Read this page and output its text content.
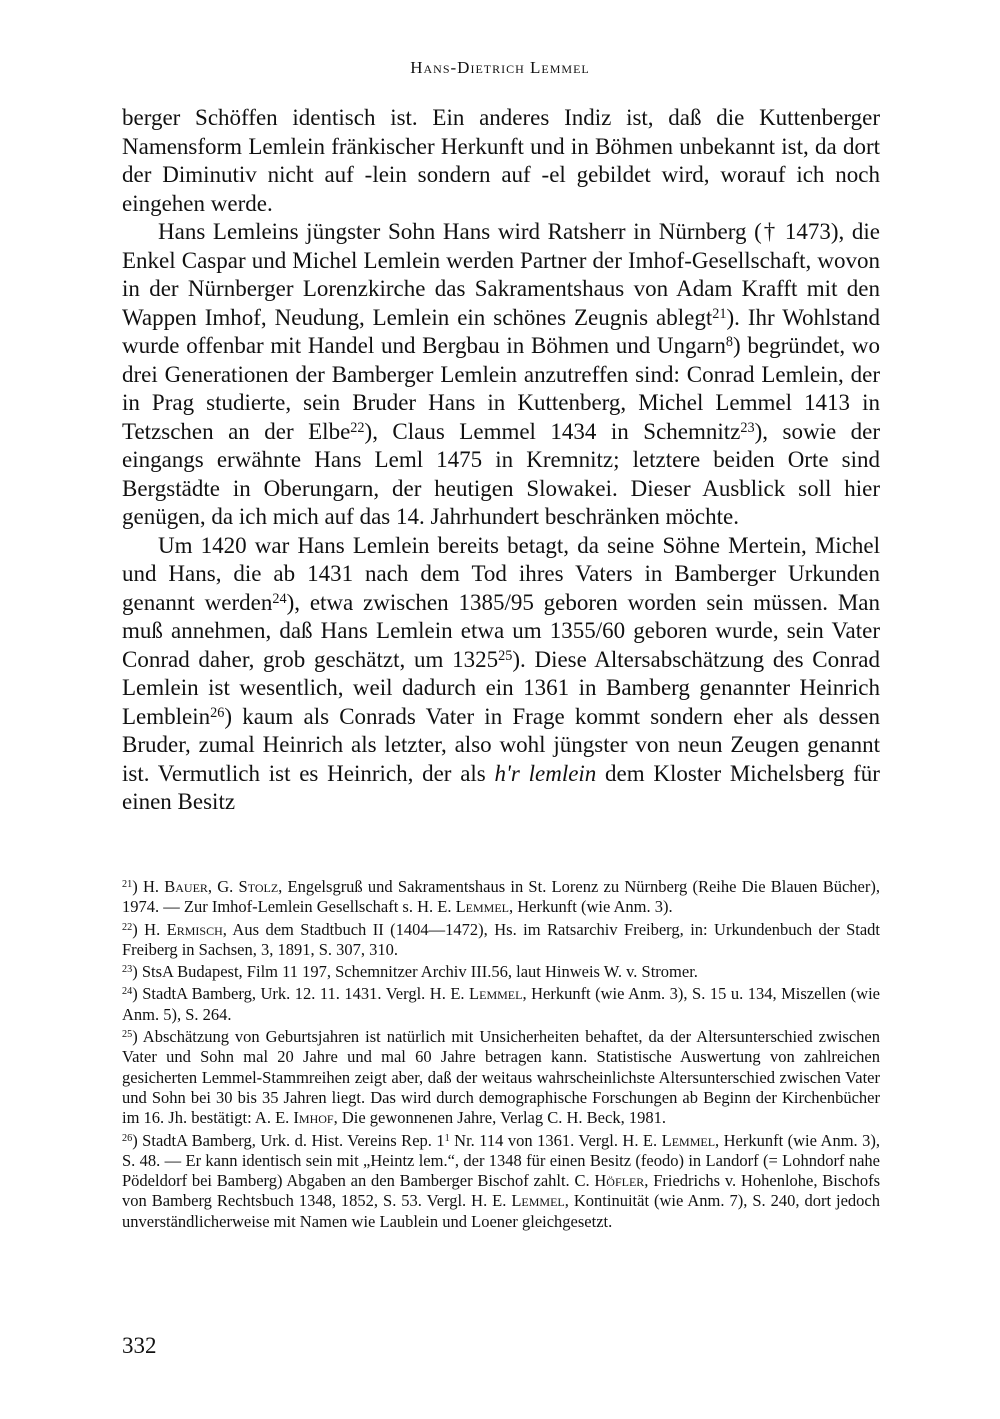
Hans-Dietrich Lemmel

berger Schöffen identisch ist. Ein anderes Indiz ist, daß die Kuttenberger Namensform Lemlein fränkischer Herkunft und in Böhmen unbekannt ist, da dort der Diminutiv nicht auf -lein sondern auf -el gebildet wird, worauf ich noch eingehen werde.

Hans Lemleins jüngster Sohn Hans wird Ratsherr in Nürnberg († 1473), die Enkel Caspar und Michel Lemlein werden Partner der Imhof-Gesellschaft, wovon in der Nürnberger Lorenzkirche das Sakramentshaus von Adam Krafft mit den Wappen Imhof, Neudung, Lemlein ein schönes Zeugnis ablegt$^{21}$). Ihr Wohlstand wurde offenbar mit Handel und Bergbau in Böhmen und Ungarn$^8$) begründet, wo drei Generationen der Bamberger Lemlein anzutreffen sind: Conrad Lemlein, der in Prag studierte, sein Bruder Hans in Kuttenberg, Michel Lemmel 1413 in Tetzschen an der Elbe$^{22}$), Claus Lemmel 1434 in Schemnitz$^{23}$), sowie der eingangs erwähnte Hans Leml 1475 in Kremnitz; letztere beiden Orte sind Bergstädte in Oberungarn, der heutigen Slowakei. Dieser Ausblick soll hier genügen, da ich mich auf das 14. Jahrhundert beschränken möchte.

Um 1420 war Hans Lemlein bereits betagt, da seine Söhne Mertein, Michel und Hans, die ab 1431 nach dem Tod ihres Vaters in Bamberger Urkunden genannt werden$^{24}$), etwa zwischen 1385/95 geboren worden sein müssen. Man muß annehmen, daß Hans Lemlein etwa um 1355/60 geboren wurde, sein Vater Conrad daher, grob geschätzt, um 1325$^{25}$). Diese Altersabschätzung des Conrad Lemlein ist wesentlich, weil dadurch ein 1361 in Bamberg genannter Heinrich Lemblein$^{26}$) kaum als Conrads Vater in Frage kommt sondern eher als dessen Bruder, zumal Heinrich als letzter, also wohl jüngster von neun Zeugen genannt ist. Vermutlich ist es Heinrich, der als h'r lemlein dem Kloster Michelsberg für einen Besitz

$^{21}$) H. Bauer, G. Stolz, Engelsgruß und Sakramentshaus in St. Lorenz zu Nürnberg (Reihe Die Blauen Bücher), 1974. — Zur Imhof-Lemlein Gesellschaft s. H. E. Lemmel, Herkunft (wie Anm. 3).

$^{22}$) H. Ermisch, Aus dem Stadtbuch II (1404—1472), Hs. im Ratsarchiv Freiberg, in: Urkundenbuch der Stadt Freiberg in Sachsen, 3, 1891, S. 307, 310.

$^{23}$) StsA Budapest, Film 11 197, Schemnitzer Archiv III.56, laut Hinweis W. v. Stromer.

$^{24}$) StadtA Bamberg, Urk. 12. 11. 1431. Vergl. H. E. Lemmel, Herkunft (wie Anm. 3), S. 15 u. 134, Miszellen (wie Anm. 5), S. 264.

$^{25}$) Abschätzung von Geburtsjahren ist natürlich mit Unsicherheiten behaftet, da der Altersunterschied zwischen Vater und Sohn mal 20 Jahre und mal 60 Jahre betragen kann. Statistische Auswertung von zahlreichen gesicherten Lemmel-Stammreihen zeigt aber, daß der weitaus wahrscheinlichste Altersunterschied zwischen Vater und Sohn bei 30 bis 35 Jahren liegt. Das wird durch demographische Forschungen ab Beginn der Kirchenbücher im 16. Jh. bestätigt: A. E. Imhof, Die gewonnenen Jahre, Verlag C. H. Beck, 1981.

$^{26}$) StadtA Bamberg, Urk. d. Hist. Vereins Rep. $1^1$ Nr. 114 von 1361. Vergl. H. E. Lemmel, Herkunft (wie Anm. 3), S. 48. — Er kann identisch sein mit „Heintz lem.“, der 1348 für einen Besitz (feodo) in Landorf (= Lohndorf nahe Pödeldorf bei Bamberg) Abgaben an den Bamberger Bischof zahlt. C. Höfler, Friedrichs v. Hohenlohe, Bischofs von Bamberg Rechtsbuch 1348, 1852, S. 53. Vergl. H. E. Lemmel, Kontinuität (wie Anm. 7), S. 240, dort jedoch unverständlicherweise mit Namen wie Laublein und Loener gleichgesetzt.

332
